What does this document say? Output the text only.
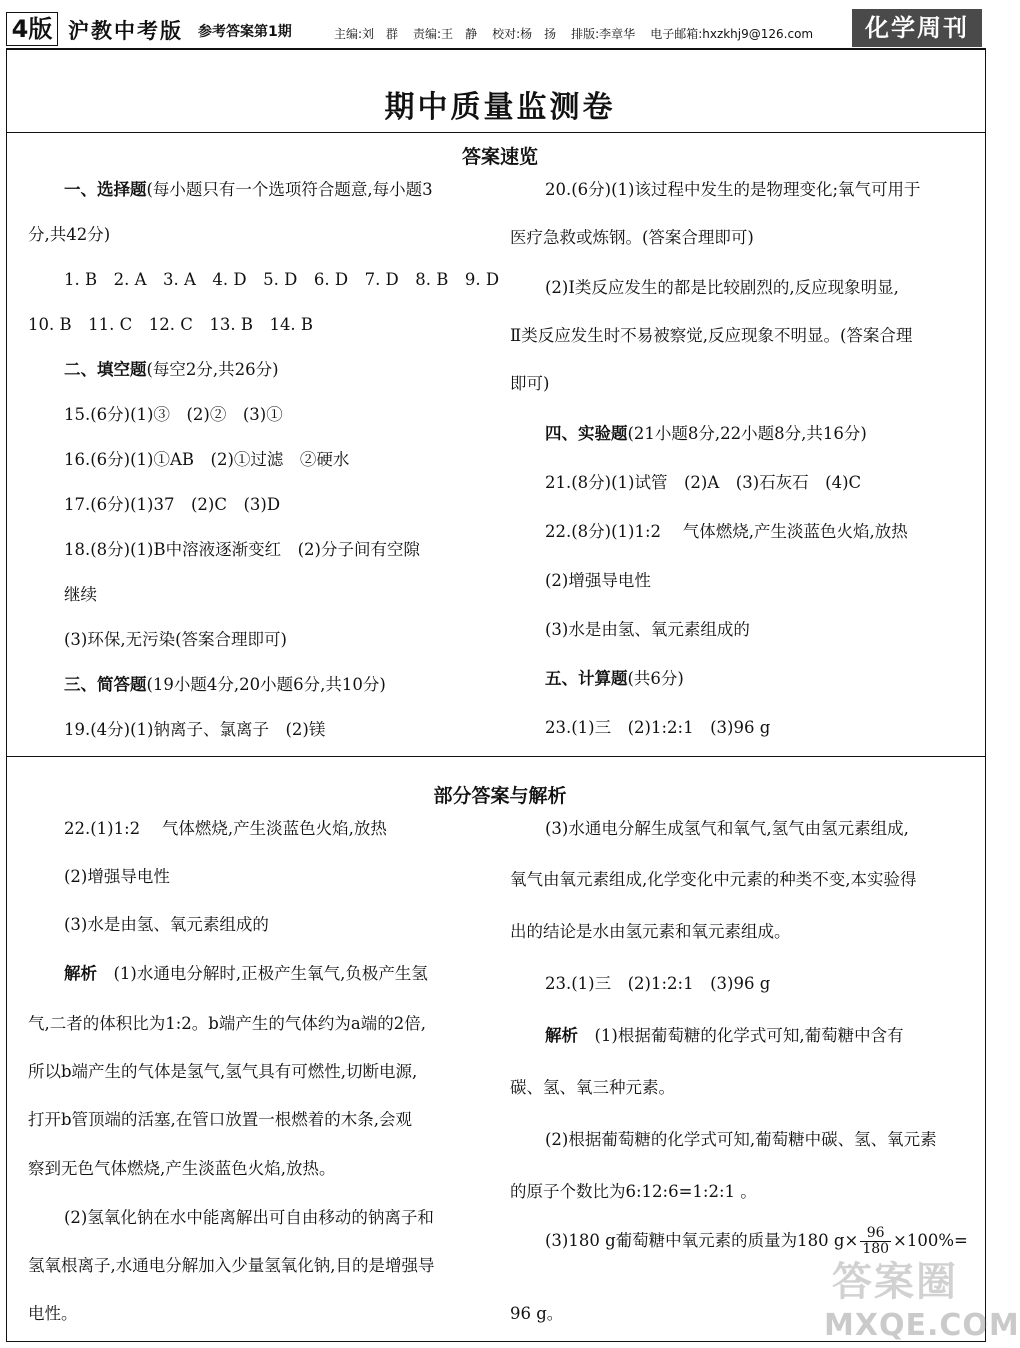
4版 沪教中考版 参考答案第1期	主编:刘　群 责编:王　静 校对:杨　扬 排版:李章华 电子邮箱:hxzkhj9@126.com	化学周刊
期中质量监测卷
答案速览
一、选择题(每小题只有一个选项符合题意,每小题3
分,共42分)
1. B　2. A　3. A　4. D　5. D　6. D　7. D　8. B　9. D
10. B　11. C　12. C　13. B　14. B
二、填空题(每空2分,共26分)
15.(6分)(1)③　(2)②　(3)①
16.(6分)(1)①AB　(2)①过滤　②硬水
17.(6分)(1)37　(2)C　(3)D
18.(8分)(1)B中溶液逐渐变红　(2)分子间有空隙
继续
(3)环保,无污染(答案合理即可)
三、简答题(19小题4分,20小题6分,共10分)
19.(4分)(1)钠离子、氯离子　(2)镁
20.(6分)(1)该过程中发生的是物理变化;氧气可用于
医疗急救或炼钢。(答案合理即可)
(2)Ⅰ类反应发生的都是比较剧烈的,反应现象明显,
Ⅱ类反应发生时不易被察觉,反应现象不明显。(答案合理
即可)
四、实验题(21小题8分,22小题8分,共16分)
21.(8分)(1)试管　(2)A　(3)石灰石　(4)C
22.(8分)(1)1:2　 气体燃烧,产生淡蓝色火焰,放热
(2)增强导电性
(3)水是由氢、氧元素组成的
五、计算题(共6分)
23.(1)三　(2)1:2:1　(3)96 g
部分答案与解析
22.(1)1:2　 气体燃烧,产生淡蓝色火焰,放热
(2)增强导电性
(3)水是由氢、氧元素组成的
解析　(1)水通电分解时,正极产生氧气,负极产生氢
气,二者的体积比为1:2。b端产生的气体约为a端的2倍,
所以b端产生的气体是氢气,氢气具有可燃性,切断电源,
打开b管顶端的活塞,在管口放置一根燃着的木条,会观
察到无色气体燃烧,产生淡蓝色火焰,放热。
(2)氢氧化钠在水中能离解出可自由移动的钠离子和
氢氧根离子,水通电分解加入少量氢氧化钠,目的是增强导
电性。
(3)水通电分解生成氢气和氧气,氢气由氢元素组成,
氧气由氧元素组成,化学变化中元素的种类不变,本实验得
出的结论是水由氢元素和氧元素组成。
23.(1)三　(2)1:2:1　(3)96 g
解析　(1)根据葡萄糖的化学式可知,葡萄糖中含有
碳、氢、氧三种元素。
(2)根据葡萄糖的化学式可知,葡萄糖中碳、氢、氧元素
的原子个数比为6:12:6=1:2:1 。
(3)180 g葡萄糖中氧元素的质量为180 $g\times \frac{96}{180} \times 100\%=$
96 g。
答案圈
MXQE.COM
